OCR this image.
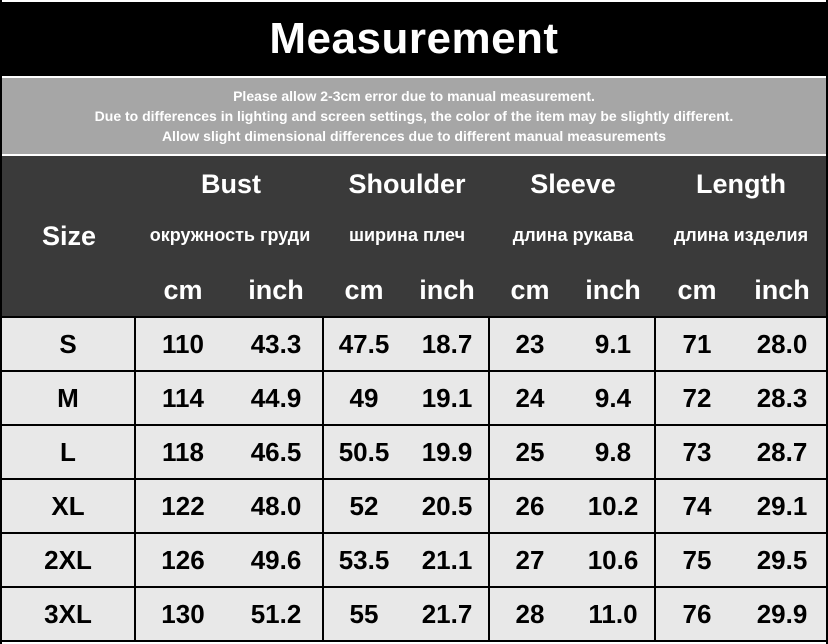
Measurement
Please allow 2-3cm error due to manual measurement.
Due to differences in lighting and screen settings, the color of the item may be slightly different.
Allow slight dimensional differences due to different manual measurements
Size
Bust	Shoulder	Sleeve	Length
окружность груди	ширина плеч	длина рукава	длина изделия
cm	inch	cm	inch	cm	inch	cm	inch
S	110	43.3	47.5	18.7	23	9.1	71	28.0
M	114	44.9	49	19.1	24	9.4	72	28.3
L	118	46.5	50.5	19.9	25	9.8	73	28.7
XL	122	48.0	52	20.5	26	10.2	74	29.1
2XL	126	49.6	53.5	21.1	27	10.6	75	29.5
3XL	130	51.2	55	21.7	28	11.0	76	29.9
